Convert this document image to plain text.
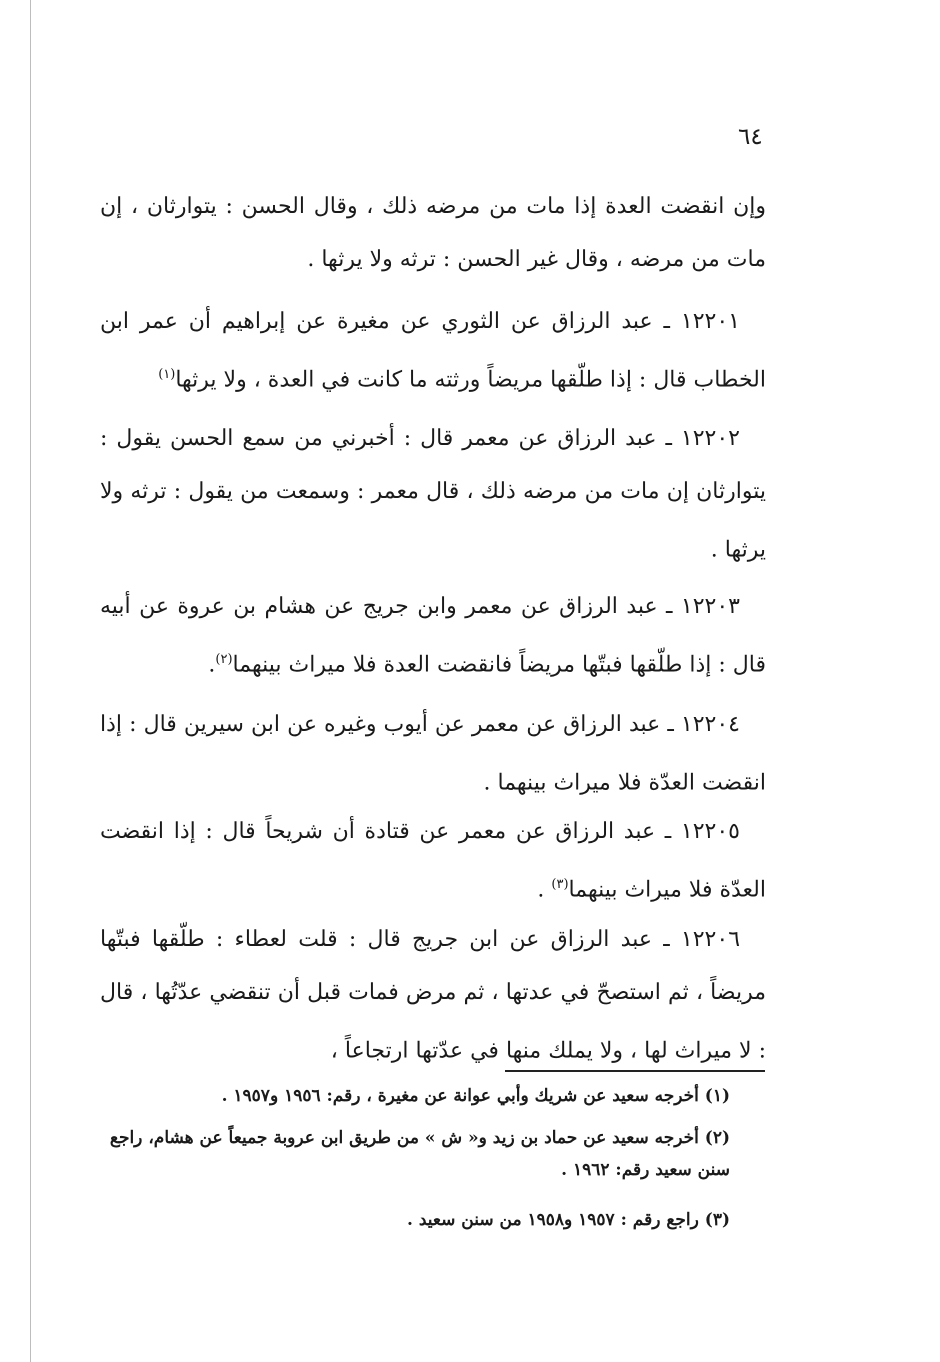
٦٤

وإن انقضت العدة إذا مات من مرضه ذلك ، وقال الحسن : يتوارثان ، إن مات من مرضه ، وقال غير الحسن : ترثه ولا يرثها .

١٢٢٠١ ـ عبد الرزاق عن الثوري عن مغيرة عن إبراهيم أن عمر ابن الخطاب قال : إذا طلّقها مريضاً ورثته ما كانت في العدة ، ولا يرثها$^{(١)}$

١٢٢٠٢ ـ عبد الرزاق عن معمر قال : أخبرني من سمع الحسن يقول : يتوارثان إن مات من مرضه ذلك ، قال معمر : وسمعت من يقول : ترثه ولا يرثها .

١٢٢٠٣ ـ عبد الرزاق عن معمر وابن جريج عن هشام بن عروة عن أبيه قال : إذا طلّقها فبتّها مريضاً فانقضت العدة فلا ميراث بينهما$^{(٢)}$.

١٢٢٠٤ ـ عبد الرزاق عن معمر عن أيوب وغيره عن ابن سيرين قال : إذا انقضت العدّة فلا ميراث بينهما .

١٢٢٠٥ ـ عبد الرزاق عن معمر عن قتادة أن شريحاً قال : إذا انقضت العدّة فلا ميراث بينهما$^{(٣)}$ .

١٢٢٠٦ ـ عبد الرزاق عن ابن جريج قال : قلت لعطاء : طلّقها فبتّها مريضاً ، ثم استصحّ في عدتها ، ثم مرض فمات قبل أن تنقضي عدّتُها ، قال : لا ميراث لها ، ولا يملك منها في عدّتها ارتجاعاً ،

(١) أخرجه سعيد عن شريك وأبي عوانة عن مغيرة ، رقم: ١٩٥٦ و١٩٥٧ .
(٢) أخرجه سعيد عن حماد بن زيد و« ش » من طريق ابن عروبة جميعاً عن هشام، راجع سنن سعيد رقم: ١٩٦٢ .
(٣) راجع رقم : ١٩٥٧ و١٩٥٨ من سنن سعيد .
